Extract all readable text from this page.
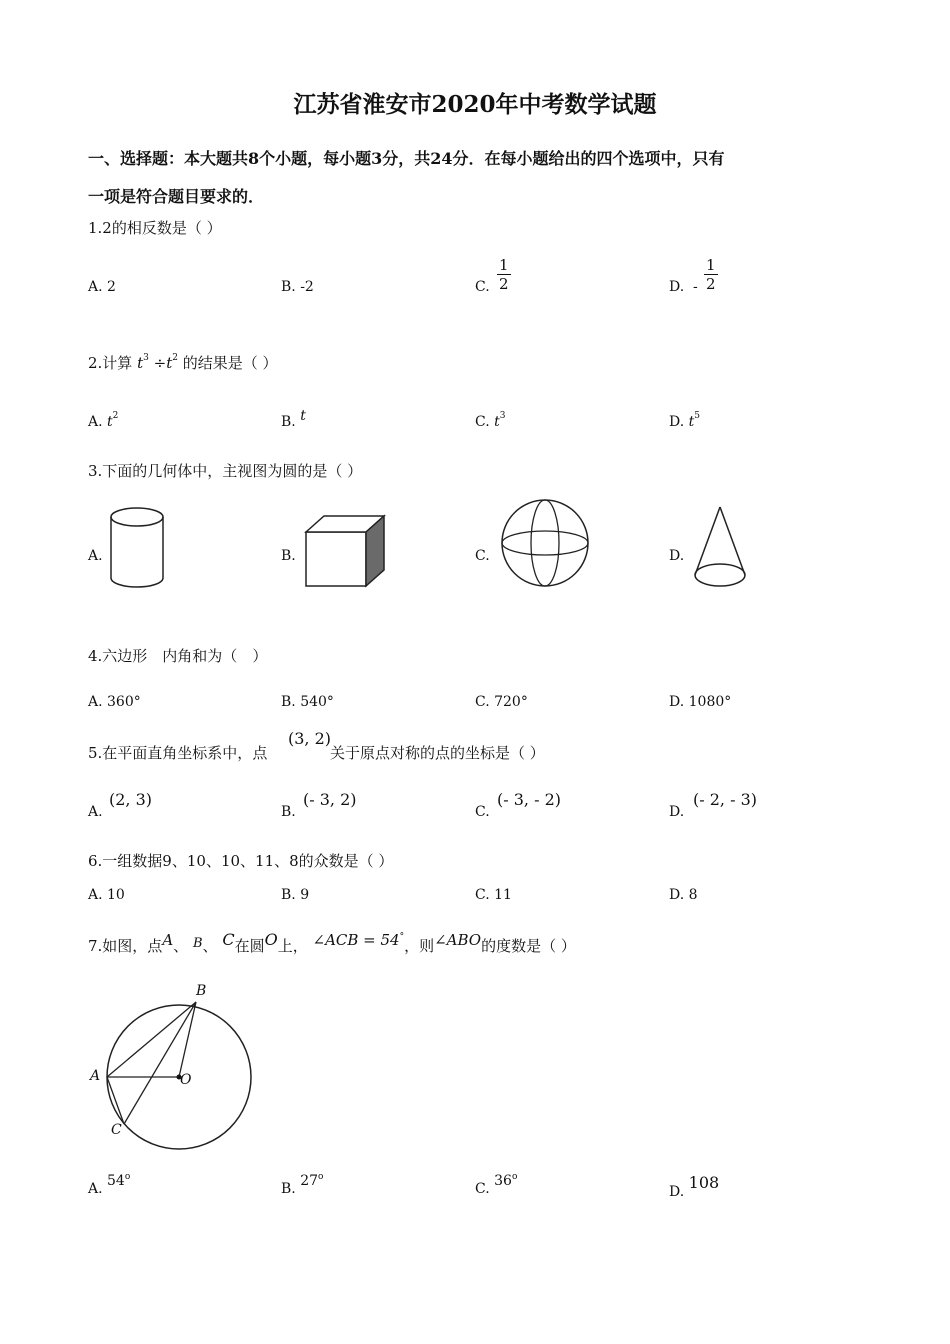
江苏省淮安市2020年中考数学试题
一、选择题：本大题共8个小题，每小题3分，共24分．在每小题给出的四个选项中，只有
一项是符合题目要求的．
1.2的相反数是（ ）
A. 2	B. -2	C. $\frac{1}{2}$	D. - $\frac{1}{2}$
2.计算 $t^3 \div t^2$ 的结果是（ ）
A. $t^2$	B. t	C. $t^3$	D. $t^5$
3.下面的几何体中，主视图为圆的是（ ）
A.	B.	C.	D.
4.六边形　内角和为（　）
A. 360°	B. 540°	C. 720°	D. 1080°
5.在平面直角坐标系中，点
(3, 2)
关于原点对称的点的坐标是（ ）
A.
(2, 3)
B.
(- 3, 2)
C.
(- 3, - 2)
D.
(- 2, - 3)
6.一组数据9、10、10、11、8的众数是（ ）
A. 10	B. 9	C. 11	D. 8
7.如图，点A、 B、 C在圆O上， ∠ACB = 54°，则∠ABO的度数是（ ）
B
A	O
C
A. 54$^o$
B. 27$^o$
C. 36$^o$
D. 108
